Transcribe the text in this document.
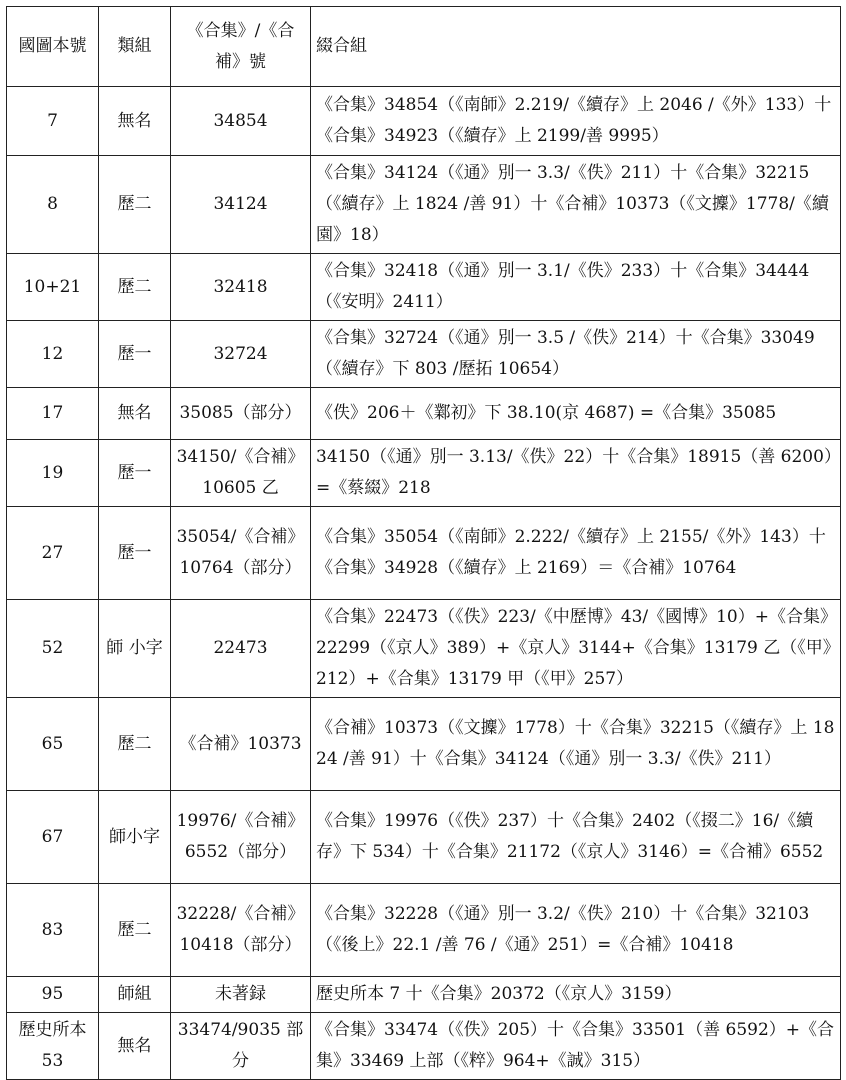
國圖本號	類組	《合集》/《合補》號	綴合組
7	無名	34854	《合集》34854（《南師》2.219/《續存》上 2046 /《外》133）十《合集》34923（《續存》上 2199/善 9995）
8	歷二	34124	《合集》34124（《通》別一 3.3/《佚》211）十《合集》32215（《續存》上 1824 /善 91）十《合補》10373（《文攈》1778/《續園》18）
10+21	歷二	32418	《合集》32418（《通》別一 3.1/《佚》233）十《合集》34444（《安明》2411）
12	歷一	32724	《合集》32724（《通》別一 3.5 /《佚》214）十《合集》33049（《續存》下 803 /歷拓 10654）
17	無名	35085（部分）	《佚》206＋《鄴初》下 38.10(京 4687) =《合集》35085
19	歷一	34150/《合補》10605 乙	34150（《通》別一 3.13/《佚》22）十《合集》18915（善 6200）=《蔡綴》218
27	歷一	35054/《合補》10764（部分）	《合集》35054（《南師》2.222/《續存》上 2155/《外》143）十《合集》34928（《續存》上 2169）＝《合補》10764
52	師 小字	22473	《合集》22473（《佚》223/《中歷博》43/《國博》10）+《合集》22299（《京人》389）+《京人》3144+《合集》13179 乙（《甲》212）+《合集》13179 甲（《甲》257）
65	歷二	《合補》10373	《合補》10373（《文攈》1778）十《合集》32215（《續存》上 1824 /善 91）十《合集》34124（《通》別一 3.3/《佚》211）
67	師小字	19976/《合補》6552（部分）	《合集》19976（《佚》237）十《合集》2402（《掇二》16/《續存》下 534）十《合集》21172（《京人》3146）=《合補》6552
83	歷二	32228/《合補》10418（部分）	《合集》32228（《通》別一 3.2/《佚》210）十《合集》32103（《後上》22.1 /善 76 /《通》251）=《合補》10418
95	師組	未著録	歷史所本 7 十《合集》20372（《京人》3159）
歷史所本 53	無名	33474/9035 部分	《合集》33474（《佚》205）十《合集》33501（善 6592）+《合集》33469 上部（《粹》964+《誠》315）
